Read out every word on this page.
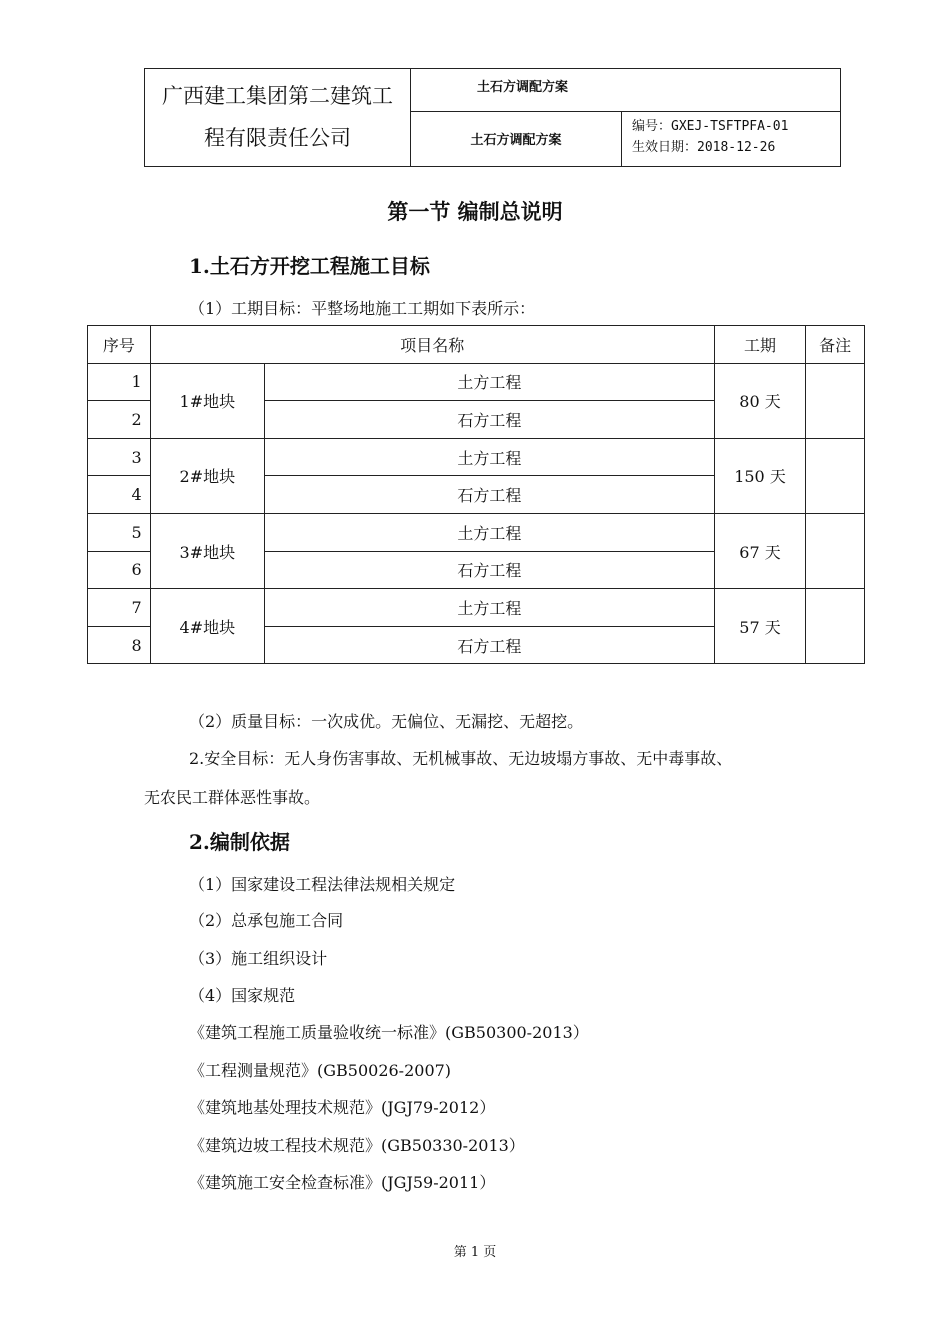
广西建工集团第二建筑工
程有限责任公司
土石方调配方案
土石方调配方案
编号：GXEJ-TSFTPFA-01
生效日期：2018-12-26
第一节 编制总说明
1.土石方开挖工程施工目标
（1）工期目标：平整场地施工工期如下表所示：
序号	项目名称		工期	备注
1	1#地块	土方工程	80 天	
2		石方工程		
3	2#地块	土方工程	150 天	
4		石方工程		
5	3#地块	土方工程	67 天	
6		石方工程		
7	4#地块	土方工程	57 天	
8		石方工程		
（2）质量目标：一次成优。无偏位、无漏挖、无超挖。
2.安全目标：无人身伤害事故、无机械事故、无边坡塌方事故、无中毒事故、
无农民工群体恶性事故。
2.编制依据
（1）国家建设工程法律法规相关规定
（2）总承包施工合同
（3）施工组织设计
（4）国家规范
《建筑工程施工质量验收统一标准》(GB50300-2013）
《工程测量规范》(GB50026-2007)
《建筑地基处理技术规范》(JGJ79-2012）
《建筑边坡工程技术规范》(GB50330-2013）
《建筑施工安全检查标准》(JGJ59-2011）
第 1 页
